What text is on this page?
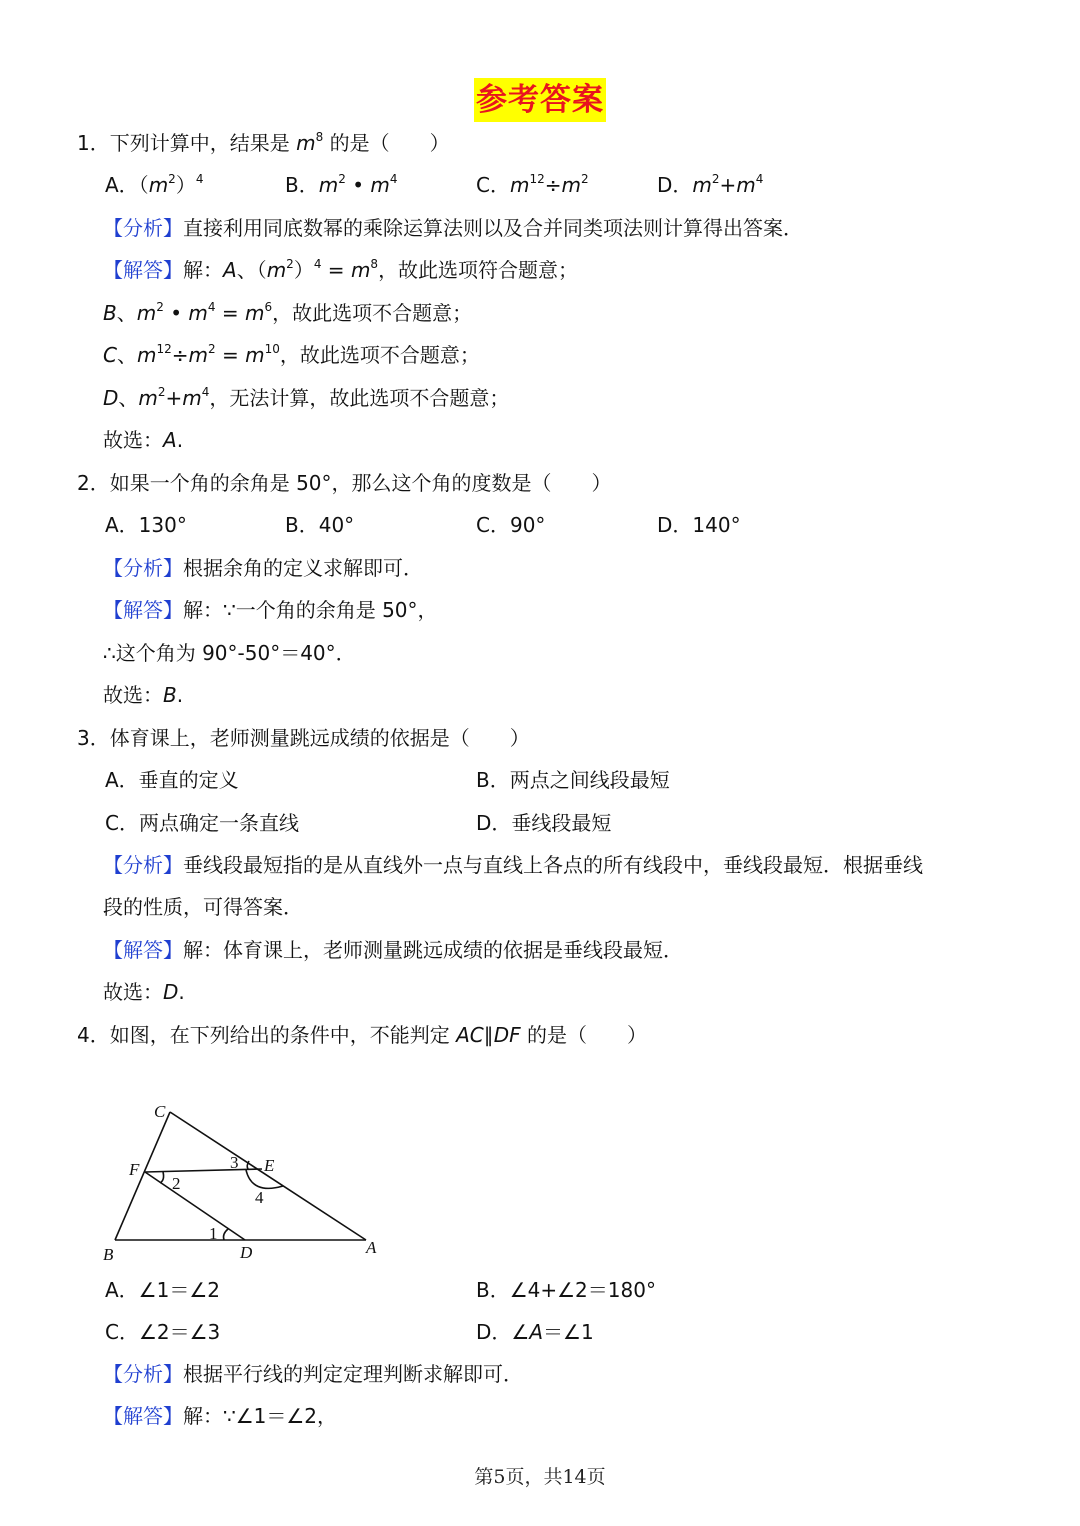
参考答案
1．下列计算中，结果是 $m^8$ 的是（　　）
A．$(m^2)^4$	B．$m^2$ • $m^4$	C．$m^{12}\div m^2$	D．$m^2+m^4$
【分析】直接利用同底数幂的乘除运算法则以及合并同类项法则计算得出答案．
【解答】解：A、$(m^2)^4 = m^8$，故此选项符合题意；
B、$m^2$ • $m^4 = m^6$，故此选项不合题意；
C、$m^{12}\div m^2 = m^{10}$，故此选项不合题意；
D、$m^2+m^4$，无法计算，故此选项不合题意；
故选：A.
2．如果一个角的余角是 50°，那么这个角的度数是（　　）
A．130°	B．40°	C．90°	D．140°
【分析】根据余角的定义求解即可．
【解答】解：∵一个角的余角是 50°，
∴这个角为 90°-50°＝40°．
故选：B.
3．体育课上，老师测量跳远成绩的依据是（　　）
A．垂直的定义	B．两点之间线段最短
C．两点确定一条直线	D．垂线段最短
【分析】垂线段最短指的是从直线外一点与直线上各点的所有线段中，垂线段最短．根据垂线
段的性质，可得答案．
【解答】解：体育课上，老师测量跳远成绩的依据是垂线段最短．
故选：D.
4．如图，在下列给出的条件中，不能判定 AC∥DF 的是（　　）
A．∠1＝∠2	B．∠4+∠2＝180°
C．∠2＝∠3	D．∠A＝∠1
【分析】根据平行线的判定定理判断求解即可．
【解答】解：∵∠1＝∠2，
C
F	E
B	D	A
1
2
3
4
第5页，共14页
